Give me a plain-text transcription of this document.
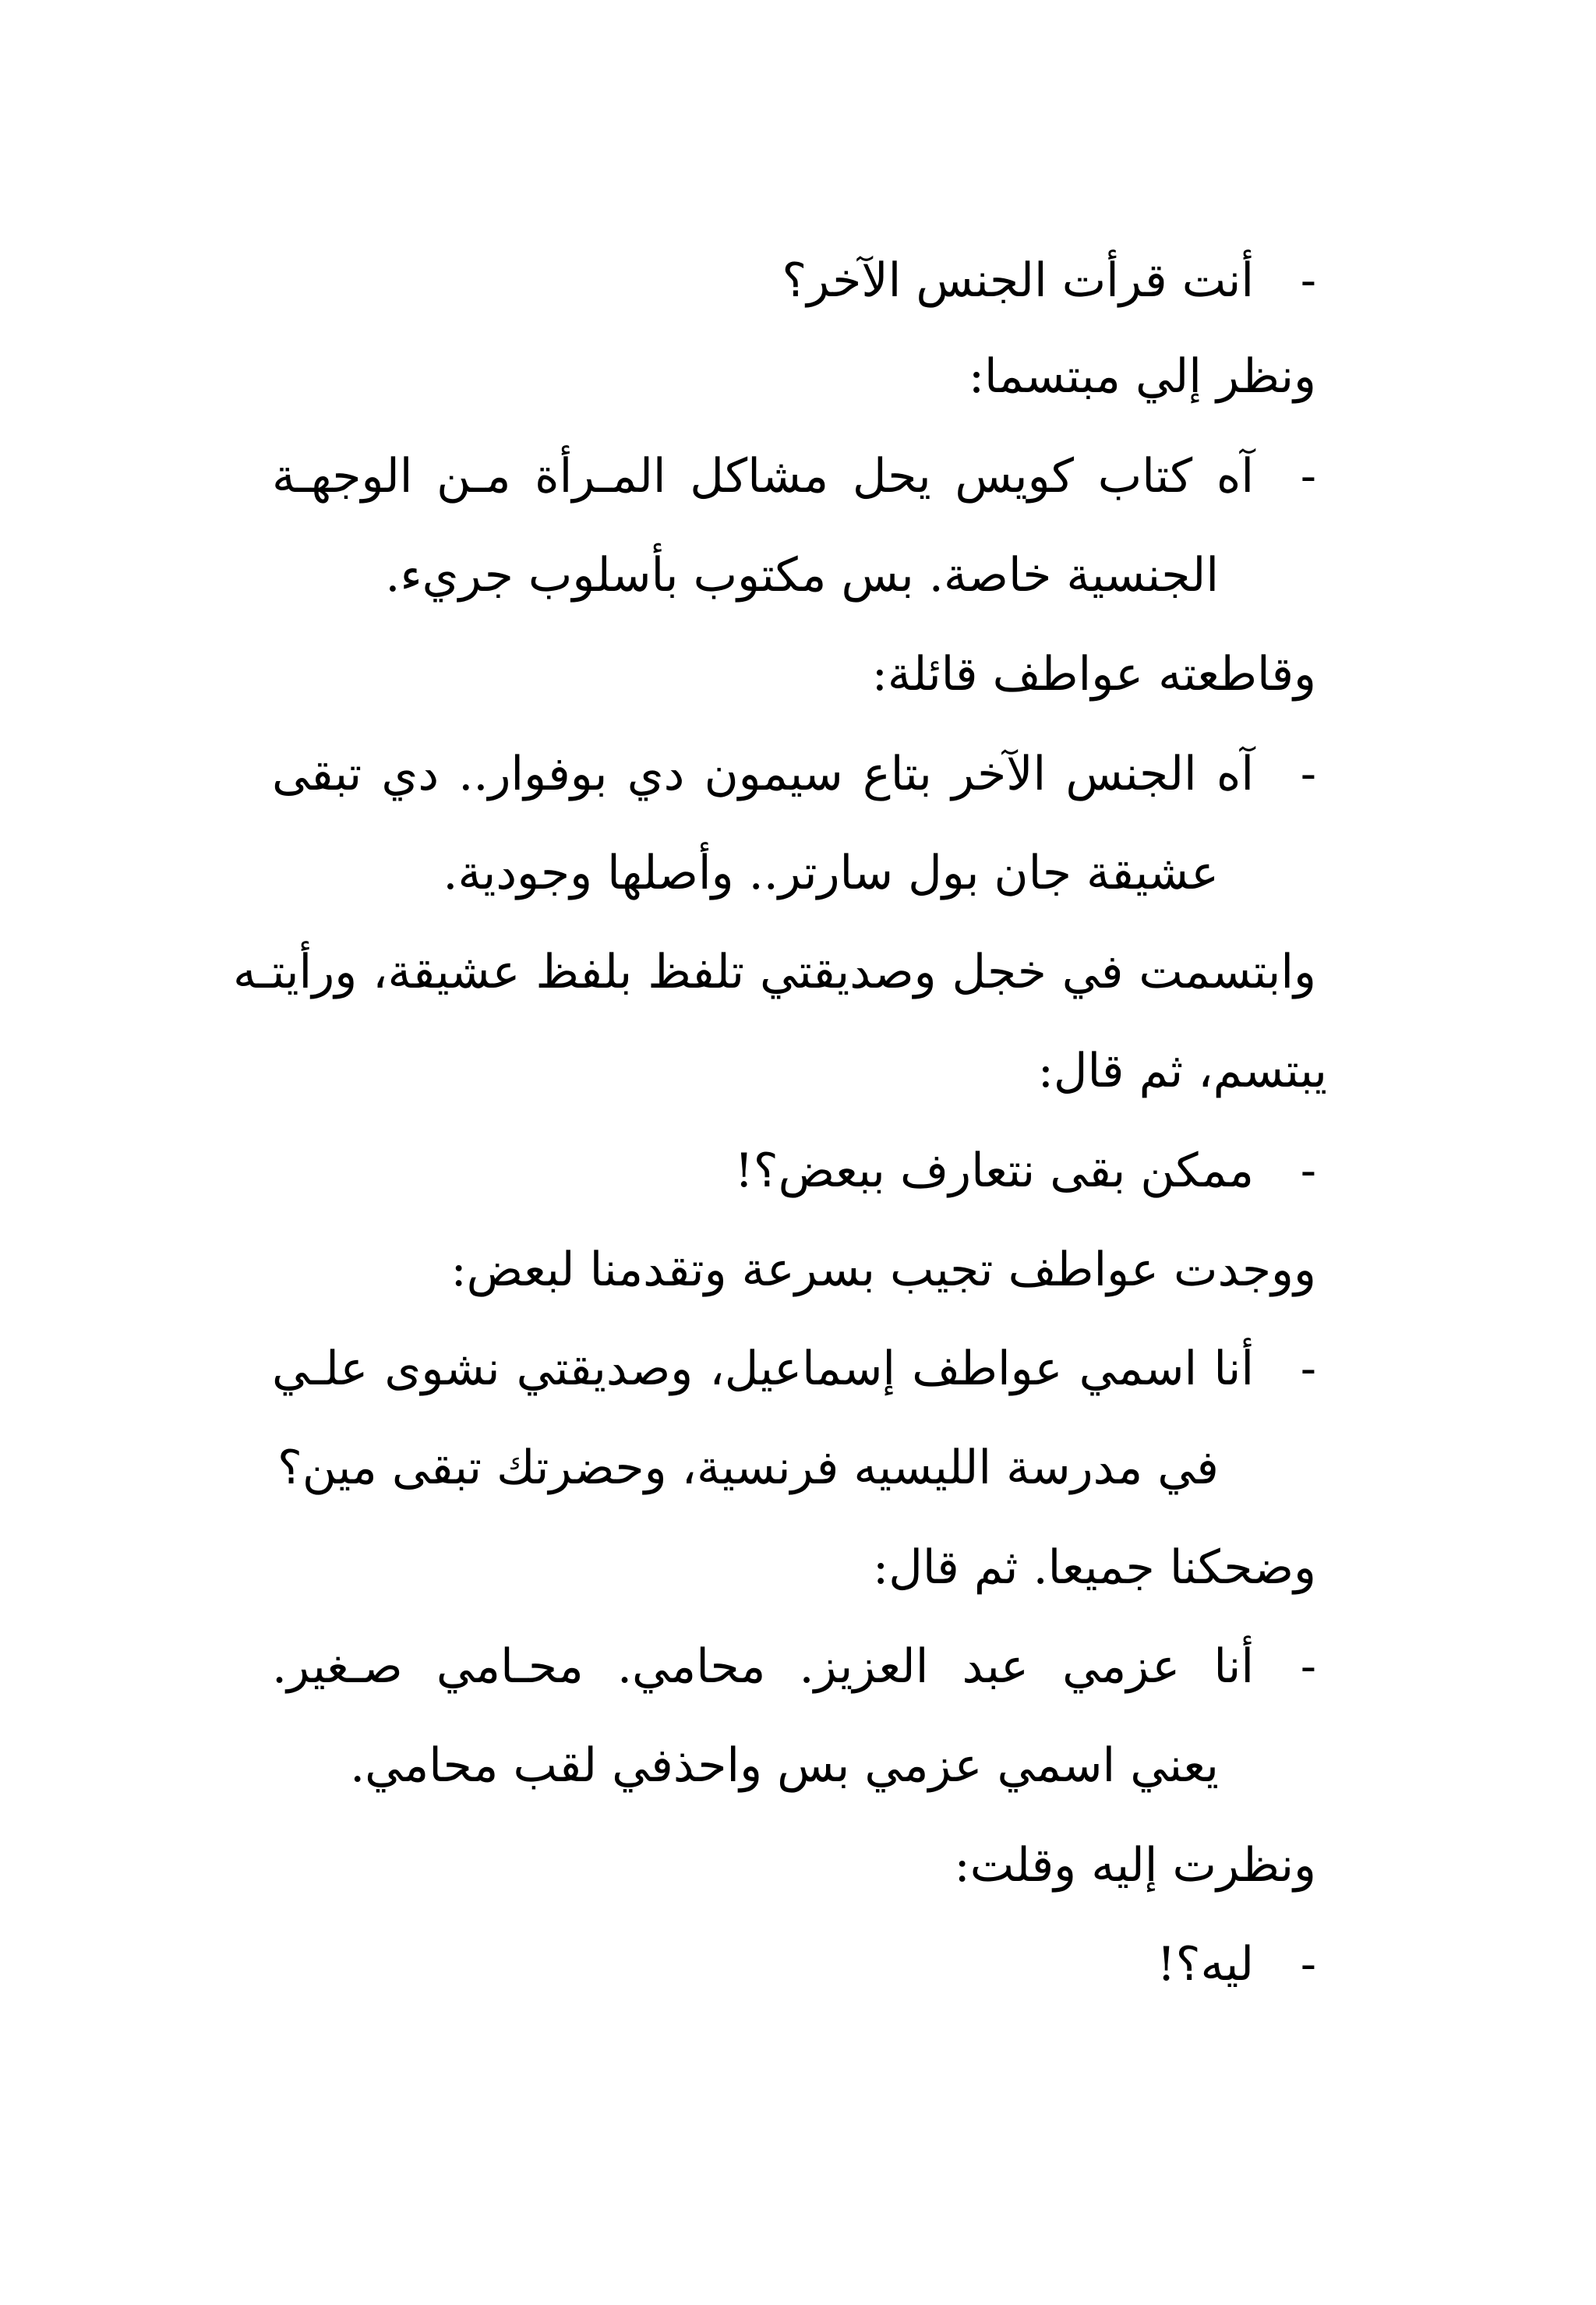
-أنت قرأت الجنس الآخر؟
ونظر إلي مبتسما:
-آه كتاب كويس يحل مشاكل المـرأة مـن الوجهـة
الجنسية خاصة. بس مكتوب بأسلوب جريء.
وقاطعته عواطف قائلة:
-آه الجنس الآخر بتاع سيمون دي بوفوار.. دي تبقى
عشيقة جان بول سارتر.. وأصلها وجودية.
وابتسمت في خجل وصديقتي تلفظ بلفظ عشيقة، ورأيتـه
يبتسم، ثم قال:
-ممكن بقى نتعارف ببعض؟!
ووجدت عواطف تجيب بسرعة وتقدمنا لبعض:
-أنا اسمي عواطف إسماعيل، وصديقتي نشوى علـي
في مدرسة الليسيه فرنسية، وحضرتك تبقى مين؟
وضحكنا جميعا. ثم قال:
-أنا عزمي عبد العزيز. محامي. محـامي صـغير.
يعني اسمي عزمي بس واحذفي لقب محامي.
ونظرت إليه وقلت:
-ليه؟!
